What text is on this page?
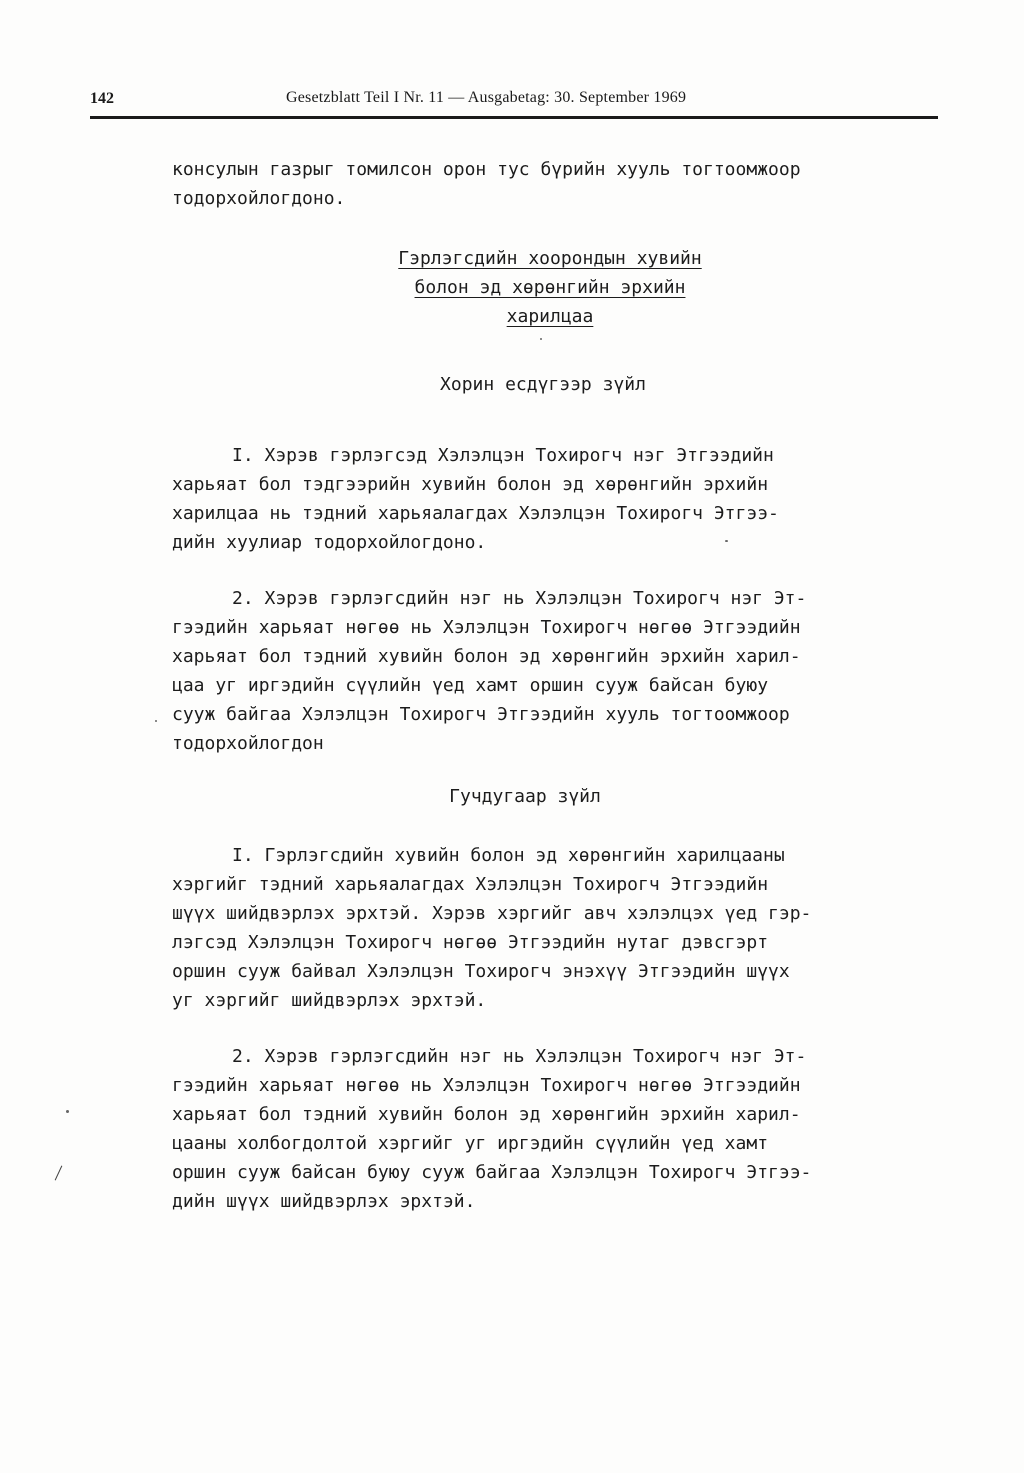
142	Gesetzblatt Teil I Nr. 11 — Ausgabetag: 30. September 1969
консулын газрыг томилсон орон тус бүрийн хууль тогтоомжоор
тодорхойлогдоно.
Гэрлэгсдийн хоорондын хувийн
болон эд хөрөнгийн эрхийн
харилцаа
Хорин есдүгээр зүйл
I. Хэрэв гэрлэгсэд Хэлэлцэн Тохирогч нэг Этгээдийн
харьяат бол тэдгээрийн хувийн болон эд хөрөнгийн эрхийн
харилцаа нь тэдний харьяалагдах Хэлэлцэн Тохирогч Этгээ-
дийн хуулиар тодорхойлогдоно.
2. Хэрэв гэрлэгсдийн нэг нь Хэлэлцэн Тохирогч нэг Эт-
гээдийн харьяат нөгөө нь Хэлэлцэн Тохирогч нөгөө Этгээдийн
харьяат бол тэдний хувийн болон эд хөрөнгийн эрхийн харил-
цаа уг иргэдийн сүүлийн үед хамт оршин сууж байсан буюу
сууж байгаа Хэлэлцэн Тохирогч Этгээдийн хууль тогтоомжоор
тодорхойлогдон
Гучдугаар зүйл
I. Гэрлэгсдийн хувийн болон эд хөрөнгийн харилцааны
хэргийг тэдний харьяалагдах Хэлэлцэн Тохирогч Этгээдийн
шүүх шийдвэрлэх эрхтэй. Хэрэв хэргийг авч хэлэлцэх үед гэр-
лэгсэд Хэлэлцэн Тохирогч нөгөө Этгээдийн нутаг дэвсгэрт
оршин сууж байвал Хэлэлцэн Тохирогч энэхүү Этгээдийн шүүх
уг хэргийг шийдвэрлэх эрхтэй.
2. Хэрэв гэрлэгсдийн нэг нь Хэлэлцэн Тохирогч нэг Эт-
гээдийн харьяат нөгөө нь Хэлэлцэн Тохирогч нөгөө Этгээдийн
харьяат бол тэдний хувийн болон эд хөрөнгийн эрхийн харил-
цааны холбогдолтой хэргийг уг иргэдийн сүүлийн үед хамт
оршин сууж байсан буюу сууж байгаа Хэлэлцэн Тохирогч Этгээ-
дийн шүүх шийдвэрлэх эрхтэй.
